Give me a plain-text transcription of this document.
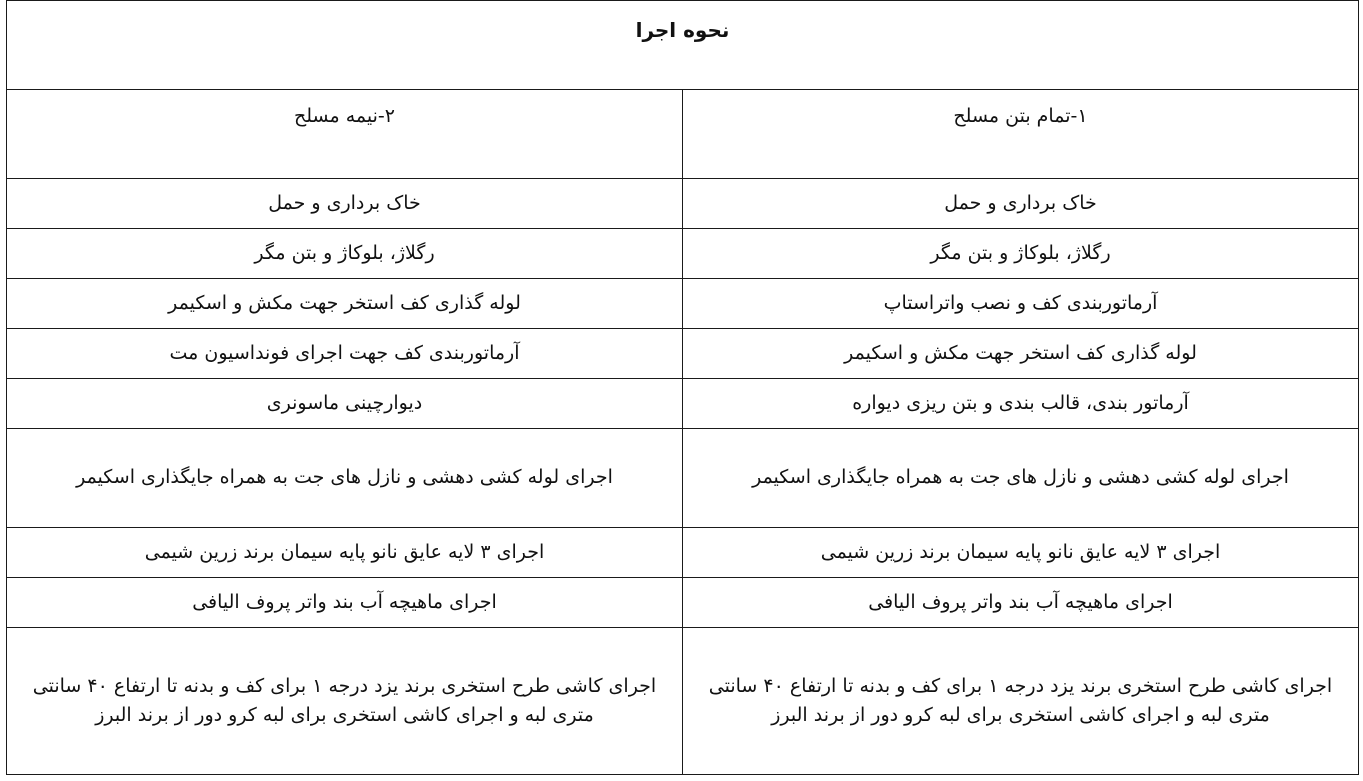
نحوه اجرا	
۱-تمام بتن مسلح	۲-نیمه مسلح
خاک برداری و حمل	خاک برداری و حمل
رگلاژ، بلوکاژ و بتن مگر	رگلاژ، بلوکاژ و بتن مگر
آرماتوربندی کف و نصب واتراستاپ	لوله گذاری کف استخر جهت مکش و اسکیمر
لوله گذاری کف استخر جهت مکش و اسکیمر	آرماتوربندی کف جهت اجرای فونداسیون مت
آرماتور بندی، قالب بندی و بتن ریزی دیواره	دیوارچینی ماسونری
اجرای لوله کشی دهشی و نازل های جت به همراه جایگذاری اسکیمر	اجرای لوله کشی دهشی و نازل های جت به همراه جایگذاری اسکیمر
اجرای ۳ لایه عایق نانو پایه سیمان برند زرین شیمی	اجرای ۳ لایه عایق نانو پایه سیمان برند زرین شیمی
اجرای ماهیچه آب بند واتر پروف الیافی	اجرای ماهیچه آب بند واتر پروف الیافی
اجرای کاشی طرح استخری برند یزد درجه ۱ برای کف و بدنه تا ارتفاع ۴۰ سانتی متری لبه و اجرای کاشی استخری برای لبه کرو دور از برند البرز	اجرای کاشی طرح استخری برند یزد درجه ۱ برای کف و بدنه تا ارتفاع ۴۰ سانتی متری لبه و اجرای کاشی استخری برای لبه کرو دور از برند البرز
